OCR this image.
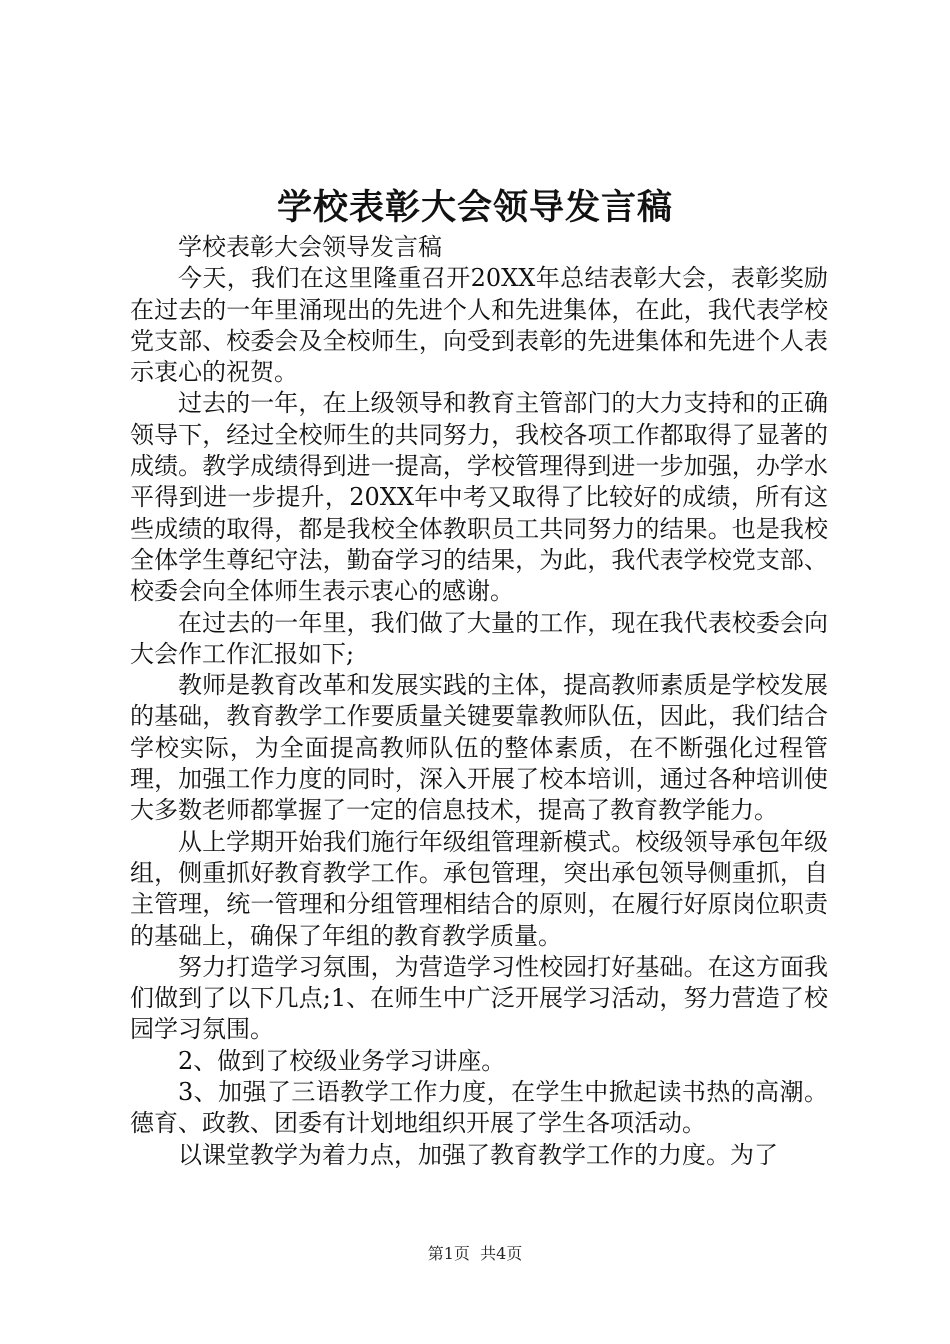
学校表彰大会领导发言稿

学校表彰大会领导发言稿

今天，我们在这里隆重召开20XX年总结表彰大会，表彰奖励在过去的一年里涌现出的先进个人和先进集体，在此，我代表学校党支部、校委会及全校师生，向受到表彰的先进集体和先进个人表示衷心的祝贺。

过去的一年，在上级领导和教育主管部门的大力支持和的正确领导下，经过全校师生的共同努力，我校各项工作都取得了显著的成绩。教学成绩得到进一提高，学校管理得到进一步加强，办学水平得到进一步提升，20XX年中考又取得了比较好的成绩，所有这些成绩的取得，都是我校全体教职员工共同努力的结果。也是我校全体学生尊纪守法，勤奋学习的结果，为此，我代表学校党支部、校委会向全体师生表示衷心的感谢。

在过去的一年里，我们做了大量的工作，现在我代表校委会向大会作工作汇报如下;

教师是教育改革和发展实践的主体，提高教师素质是学校发展的基础，教育教学工作要质量关键要靠教师队伍，因此，我们结合学校实际，为全面提高教师队伍的整体素质，在不断强化过程管理，加强工作力度的同时，深入开展了校本培训，通过各种培训使大多数老师都掌握了一定的信息技术，提高了教育教学能力。

从上学期开始我们施行年级组管理新模式。校级领导承包年级组，侧重抓好教育教学工作。承包管理，突出承包领导侧重抓，自主管理，统一管理和分组管理相结合的原则，在履行好原岗位职责的基础上，确保了年组的教育教学质量。

努力打造学习氛围，为营造学习性校园打好基础。在这方面我们做到了以下几点;1、在师生中广泛开展学习活动，努力营造了校园学习氛围。

2、做到了校级业务学习讲座。

3、加强了三语教学工作力度，在学生中掀起读书热的高潮。德育、政教、团委有计划地组织开展了学生各项活动。

以课堂教学为着力点，加强了教育教学工作的力度。为了

第1页 共4页
